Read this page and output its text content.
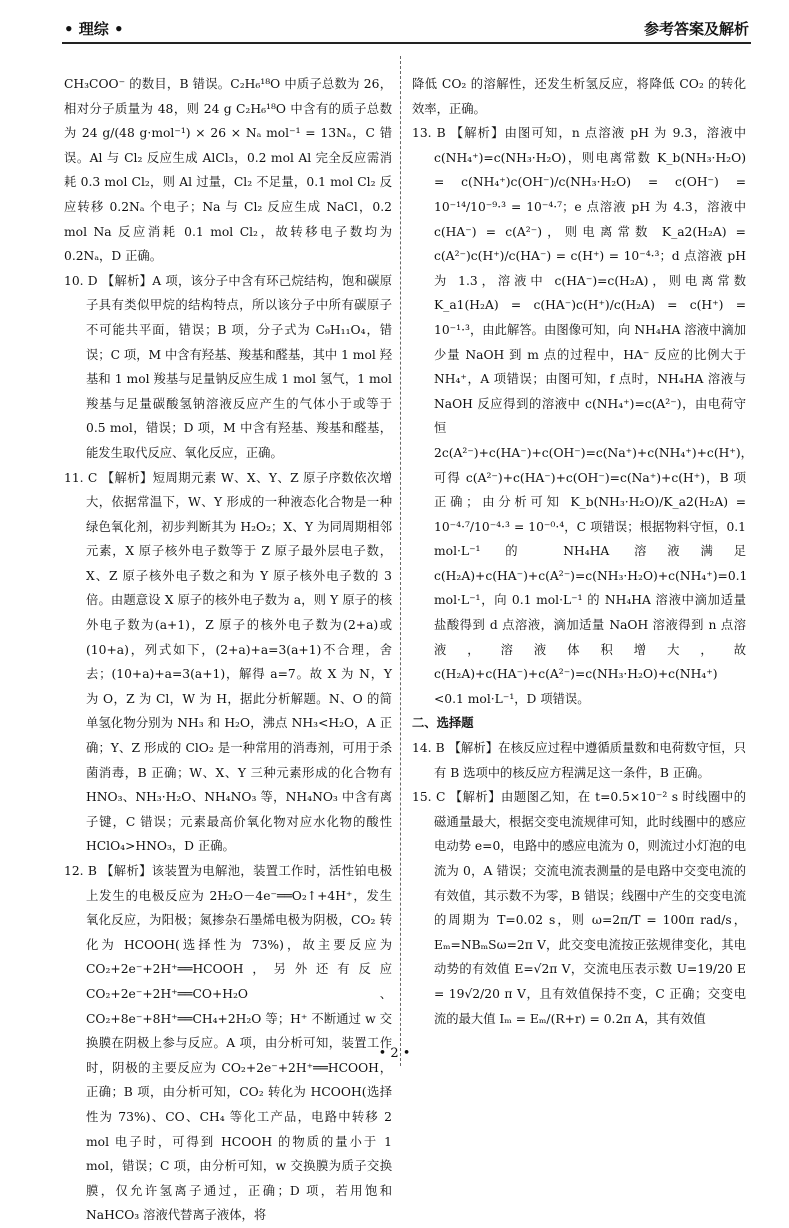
• 理综 •	参考答案及解析

CH₃COO⁻ 的数目，B 错误。C₂H₆¹⁸O 中质子总数为 26，相对分子质量为 48，则 24 g C₂H₆¹⁸O 中含有的质子总数为 24 g/(48 g·mol⁻¹) × 26 × Nₐ mol⁻¹ = 13Nₐ，C 错误。Al 与 Cl₂ 反应生成 AlCl₃，0.2 mol Al 完全反应需消耗 0.3 mol Cl₂，则 Al 过量，Cl₂ 不足量，0.1 mol Cl₂ 反应转移 0.2Nₐ 个电子；Na 与 Cl₂ 反应生成 NaCl，0.2 mol Na 反应消耗 0.1 mol Cl₂，故转移电子数均为 0.2Nₐ，D 正确。

10. D 【解析】A 项，该分子中含有环己烷结构，饱和碳原子具有类似甲烷的结构特点，所以该分子中所有碳原子不可能共平面，错误；B 项，分子式为 C₉H₁₁O₄，错误；C 项，M 中含有羟基、羧基和醛基，其中 1 mol 羟基和 1 mol 羧基与足量钠反应生成 1 mol 氢气，1 mol 羧基与足量碳酸氢钠溶液反应产生的气体小于或等于 0.5 mol，错误；D 项，M 中含有羟基、羧基和醛基，能发生取代反应、氧化反应，正确。

11. C 【解析】短周期元素 W、X、Y、Z 原子序数依次增大，依据常温下，W、Y 形成的一种液态化合物是一种绿色氧化剂，初步判断其为 H₂O₂；X、Y 为同周期相邻元素，X 原子核外电子数等于 Z 原子最外层电子数，X、Z 原子核外电子数之和为 Y 原子核外电子数的 3 倍。由题意设 X 原子的核外电子数为 a，则 Y 原子的核外电子数为(a+1)，Z 原子的核外电子数为(2+a)或(10+a)，列式如下，(2+a)+a=3(a+1)不合理，舍去；(10+a)+a=3(a+1)，解得 a=7。故 X 为 N，Y 为 O，Z 为 Cl，W 为 H，据此分析解题。N、O 的简单氢化物分别为 NH₃ 和 H₂O，沸点 NH₃<H₂O，A 正确；Y、Z 形成的 ClO₂ 是一种常用的消毒剂，可用于杀菌消毒，B 正确；W、X、Y 三种元素形成的化合物有 HNO₃、NH₃·H₂O、NH₄NO₃ 等，NH₄NO₃ 中含有离子键，C 错误；元素最高价氧化物对应水化物的酸性 HClO₄>HNO₃，D 正确。

12. B 【解析】该装置为电解池，装置工作时，活性铂电极上发生的电极反应为 2H₂O－4e⁻══O₂↑+4H⁺，发生氧化反应，为阳极；氮掺杂石墨烯电极为阴极，CO₂ 转化为 HCOOH(选择性为 73%)，故主要反应为 CO₂+2e⁻+2H⁺══HCOOH，另外还有反应 CO₂+2e⁻+2H⁺══CO+H₂O、CO₂+8e⁻+8H⁺══CH₄+2H₂O 等；H⁺ 不断通过 w 交换膜在阴极上参与反应。A 项，由分析可知，装置工作时，阴极的主要反应为 CO₂+2e⁻+2H⁺══HCOOH，正确；B 项，由分析可知，CO₂ 转化为 HCOOH(选择性为 73%)、CO、CH₄ 等化工产品，电路中转移 2 mol 电子时，可得到 HCOOH 的物质的量小于 1 mol，错误；C 项，由分析可知，w 交换膜为质子交换膜，仅允许氢离子通过，正确；D 项，若用饱和 NaHCO₃ 溶液代替离子液体，将

降低 CO₂ 的溶解性，还发生析氢反应，将降低 CO₂ 的转化效率，正确。

13. B 【解析】由图可知，n 点溶液 pH 为 9.3，溶液中 c(NH₄⁺)=c(NH₃·H₂O)，则电离常数 K_b(NH₃·H₂O) = c(NH₄⁺)c(OH⁻)/c(NH₃·H₂O) = c(OH⁻) = 10⁻¹⁴/10⁻⁹·³ = 10⁻⁴·⁷；e 点溶液 pH 为 4.3，溶液中 c(HA⁻) = c(A²⁻)，则电离常数 K_a2(H₂A) = c(A²⁻)c(H⁺)/c(HA⁻) = c(H⁺) = 10⁻⁴·³；d 点溶液 pH 为 1.3，溶液中 c(HA⁻)=c(H₂A)，则电离常数 K_a1(H₂A) = c(HA⁻)c(H⁺)/c(H₂A) = c(H⁺) = 10⁻¹·³，由此解答。由图像可知，向 NH₄HA 溶液中滴加少量 NaOH 到 m 点的过程中，HA⁻ 反应的比例大于 NH₄⁺，A 项错误；由图可知，f 点时，NH₄HA 溶液与 NaOH 反应得到的溶液中 c(NH₄⁺)=c(A²⁻)，由电荷守恒 2c(A²⁻)+c(HA⁻)+c(OH⁻)=c(Na⁺)+c(NH₄⁺)+c(H⁺)，可得 c(A²⁻)+c(HA⁻)+c(OH⁻)=c(Na⁺)+c(H⁺)，B 项正确；由分析可知 K_b(NH₃·H₂O)/K_a2(H₂A) = 10⁻⁴·⁷/10⁻⁴·³ = 10⁻⁰·⁴，C 项错误；根据物料守恒，0.1 mol·L⁻¹ 的 NH₄HA 溶液满足 c(H₂A)+c(HA⁻)+c(A²⁻)=c(NH₃·H₂O)+c(NH₄⁺)=0.1 mol·L⁻¹，向 0.1 mol·L⁻¹ 的 NH₄HA 溶液中滴加适量盐酸得到 d 点溶液，滴加适量 NaOH 溶液得到 n 点溶液，溶液体积增大，故 c(H₂A)+c(HA⁻)+c(A²⁻)=c(NH₃·H₂O)+c(NH₄⁺)<0.1 mol·L⁻¹，D 项错误。

二、选择题

14. B 【解析】在核反应过程中遵循质量数和电荷数守恒，只有 B 选项中的核反应方程满足这一条件，B 正确。

15. C 【解析】由题图乙知，在 t=0.5×10⁻² s 时线圈中的磁通量最大，根据交变电流规律可知，此时线圈中的感应电动势 e=0，电路中的感应电流为 0，则流过小灯泡的电流为 0，A 错误；交流电流表测量的是电路中交变电流的有效值，其示数不为零，B 错误；线圈中产生的交变电流的周期为 T=0.02 s，则 ω=2π/T = 100π rad/s，Eₘ=NBₘSω=2π V，此交变电流按正弦规律变化，其电动势的有效值 E=√2π V，交流电压表示数 U=19/20 E = 19√2/20 π V，且有效值保持不变，C 正确；交变电流的最大值 Iₘ = Eₘ/(R+r) = 0.2π A，其有效值

• 2 •
